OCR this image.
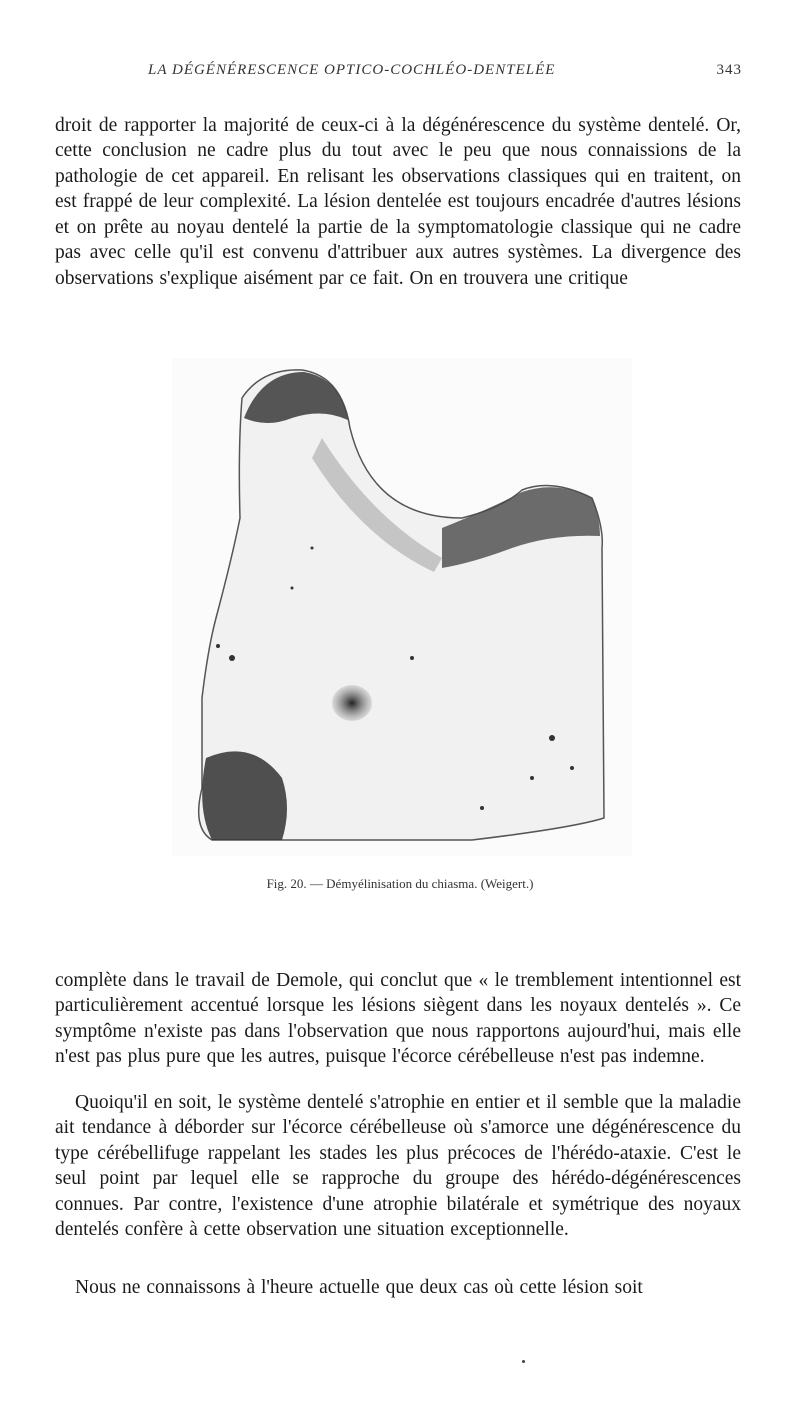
LA DÉGÉNÉRESCENCE OPTICO-COCHLÉO-DENTELÉE	343

droit de rapporter la majorité de ceux-ci à la dégénérescence du système dentelé. Or, cette conclusion ne cadre plus du tout avec le peu que nous connaissions de la pathologie de cet appareil. En relisant les observations classiques qui en traitent, on est frappé de leur complexité. La lésion dentelée est toujours encadrée d'autres lésions et on prête au noyau dentelé la partie de la symptomatologie classique qui ne cadre pas avec celle qu'il est convenu d'attribuer aux autres systèmes. La divergence des observations s'explique aisément par ce fait. On en trouvera une critique

Fig. 20. — Démyélinisation du chiasma. (Weigert.)

complète dans le travail de Demole, qui conclut que « le tremblement intentionnel est particulièrement accentué lorsque les lésions siègent dans les noyaux dentelés ». Ce symptôme n'existe pas dans l'observation que nous rapportons aujourd'hui, mais elle n'est pas plus pure que les autres, puisque l'écorce cérébelleuse n'est pas indemne.

Quoiqu'il en soit, le système dentelé s'atrophie en entier et il semble que la maladie ait tendance à déborder sur l'écorce cérébelleuse où s'amorce une dégénérescence du type cérébellifuge rappelant les stades les plus précoces de l'hérédo-ataxie. C'est le seul point par lequel elle se rapproche du groupe des hérédo-dégénérescences connues. Par contre, l'existence d'une atrophie bilatérale et symétrique des noyaux dentelés confère à cette observation une situation exceptionnelle.

Nous ne connaissons à l'heure actuelle que deux cas où cette lésion soit
